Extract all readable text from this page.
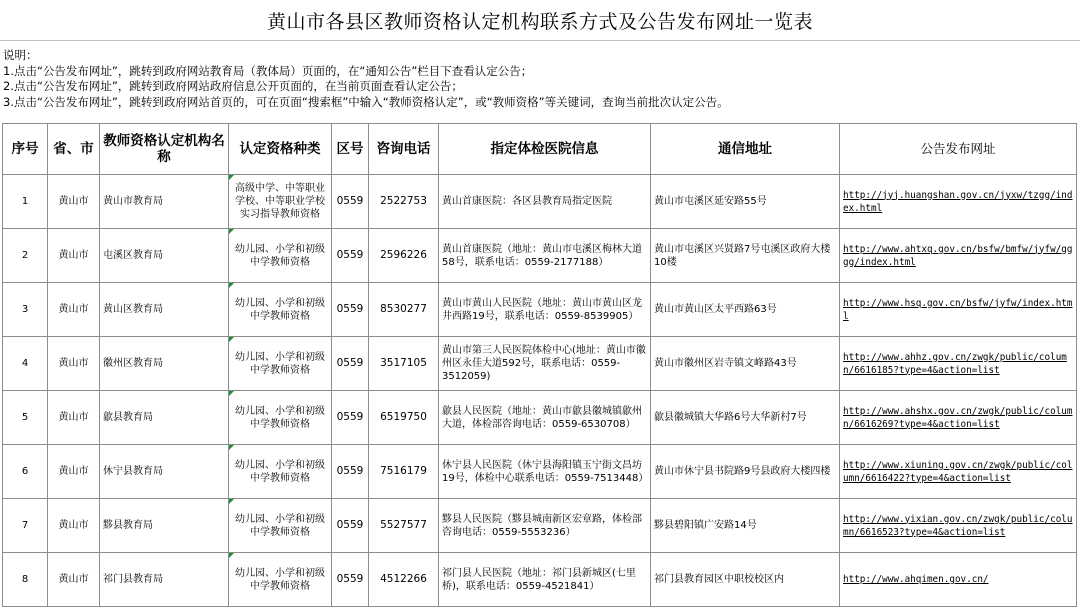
黄山市各县区教师资格认定机构联系方式及公告发布网址一览表
说明：
1.点击“公告发布网址”，跳转到政府网站教育局（教体局）页面的，在“通知公告”栏目下查看认定公告；
2.点击“公告发布网址”，跳转到政府网站政府信息公开页面的，在当前页面查看认定公告；
3.点击“公告发布网址”，跳转到政府网站首页的，可在页面“搜索框”中输入“教师资格认定”，或“教师资格”等关键词，查询当前批次认定公告。
序号	省、市	教师资格认定机构名称	认定资格种类	区号	咨询电话	指定体检医院信息	通信地址	公告发布网址
1	黄山市	黄山市教育局	高级中学、中等职业学校、中等职业学校实习指导教师资格	0559	2522753	黄山首康医院：各区县教育局指定医院	黄山市屯溪区延安路55号	http://jyj.huangshan.gov.cn/jyxw/tzgg/index.html
2	黄山市	屯溪区教育局	幼儿园、小学和初级中学教师资格	0559	2596226	黄山首康医院（地址：黄山市屯溪区梅林大道58号，联系电话：0559-2177188）	黄山市屯溪区兴贤路7号屯溪区政府大楼10楼	http://www.ahtxq.gov.cn/bsfw/bmfw/jyfw/gggg/index.html
3	黄山市	黄山区教育局	幼儿园、小学和初级中学教师资格	0559	8530277	黄山市黄山人民医院（地址：黄山市黄山区龙井西路19号，联系电话：0559-8539905）	黄山市黄山区太平西路63号	http://www.hsq.gov.cn/bsfw/jyfw/index.html
4	黄山市	徽州区教育局	幼儿园、小学和初级中学教师资格	0559	3517105	黄山市第三人民医院体检中心(地址：黄山市徽州区永佳大道592号，联系电话：0559-3512059)	黄山市徽州区岩寺镇文峰路43号	http://www.ahhz.gov.cn/zwgk/public/column/6616185?type=4&action=list
5	黄山市	歙县教育局	幼儿园、小学和初级中学教师资格	0559	6519750	歙县人民医院（地址：黄山市歙县徽城镇歙州大道，体检部咨询电话：0559-6530708）	歙县徽城镇大华路6号大华新村7号	http://www.ahshx.gov.cn/zwgk/public/column/6616269?type=4&action=list
6	黄山市	休宁县教育局	幼儿园、小学和初级中学教师资格	0559	7516179	休宁县人民医院（休宁县海阳镇玉宁街文昌坊19号，体检中心联系电话：0559-7513448）	黄山市休宁县书院路9号县政府大楼四楼	http://www.xiuning.gov.cn/zwgk/public/column/6616422?type=4&action=list
7	黄山市	黟县教育局	幼儿园、小学和初级中学教师资格	0559	5527577	黟县人民医院（黟县城南新区宏章路，体检部咨询电话：0559-5553236）	黟县碧阳镇广安路14号	http://www.yixian.gov.cn/zwgk/public/column/6616523?type=4&action=list
8	黄山市	祁门县教育局	幼儿园、小学和初级中学教师资格	0559	4512266	祁门县人民医院（地址：祁门县新城区(七里桥)，联系电话：0559-4521841）	祁门县教育园区中职校校区内	http://www.ahqimen.gov.cn/
